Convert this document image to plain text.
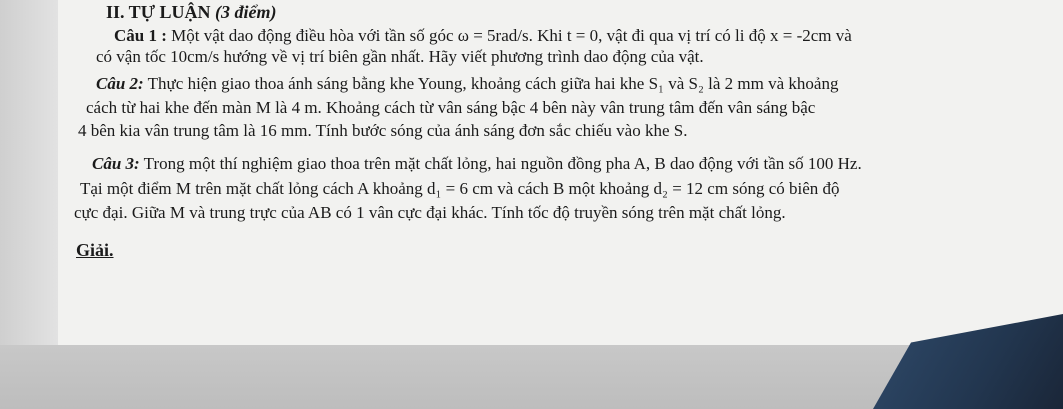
II. TỰ LUẬN (3 điểm)
Câu 1 : Một vật dao động điều hòa với tần số góc ω = 5rad/s. Khi t = 0, vật đi qua vị trí có li độ x = -2cm và
có vận tốc 10cm/s hướng về vị trí biên gần nhất. Hãy viết phương trình dao động của vật.
Câu 2: Thực hiện giao thoa ánh sáng bằng khe Young, khoảng cách giữa hai khe S₁ và S₂ là 2 mm và khoảng
cách từ hai khe đến màn M là 4 m. Khoảng cách từ vân sáng bậc 4 bên này vân trung tâm đến vân sáng bậc
4 bên kia vân trung tâm là 16 mm. Tính bước sóng của ánh sáng đơn sắc chiếu vào khe S.
Câu 3: Trong một thí nghiệm giao thoa trên mặt chất lỏng, hai nguồn đồng pha A, B dao động với tần số 100 Hz.
Tại một điểm M trên mặt chất lỏng cách A khoảng d₁ = 6 cm và cách B một khoảng d₂ = 12 cm sóng có biên độ
cực đại. Giữa M và trung trực của AB có 1 vân cực đại khác. Tính tốc độ truyền sóng trên mặt chất lỏng.
Giải.
